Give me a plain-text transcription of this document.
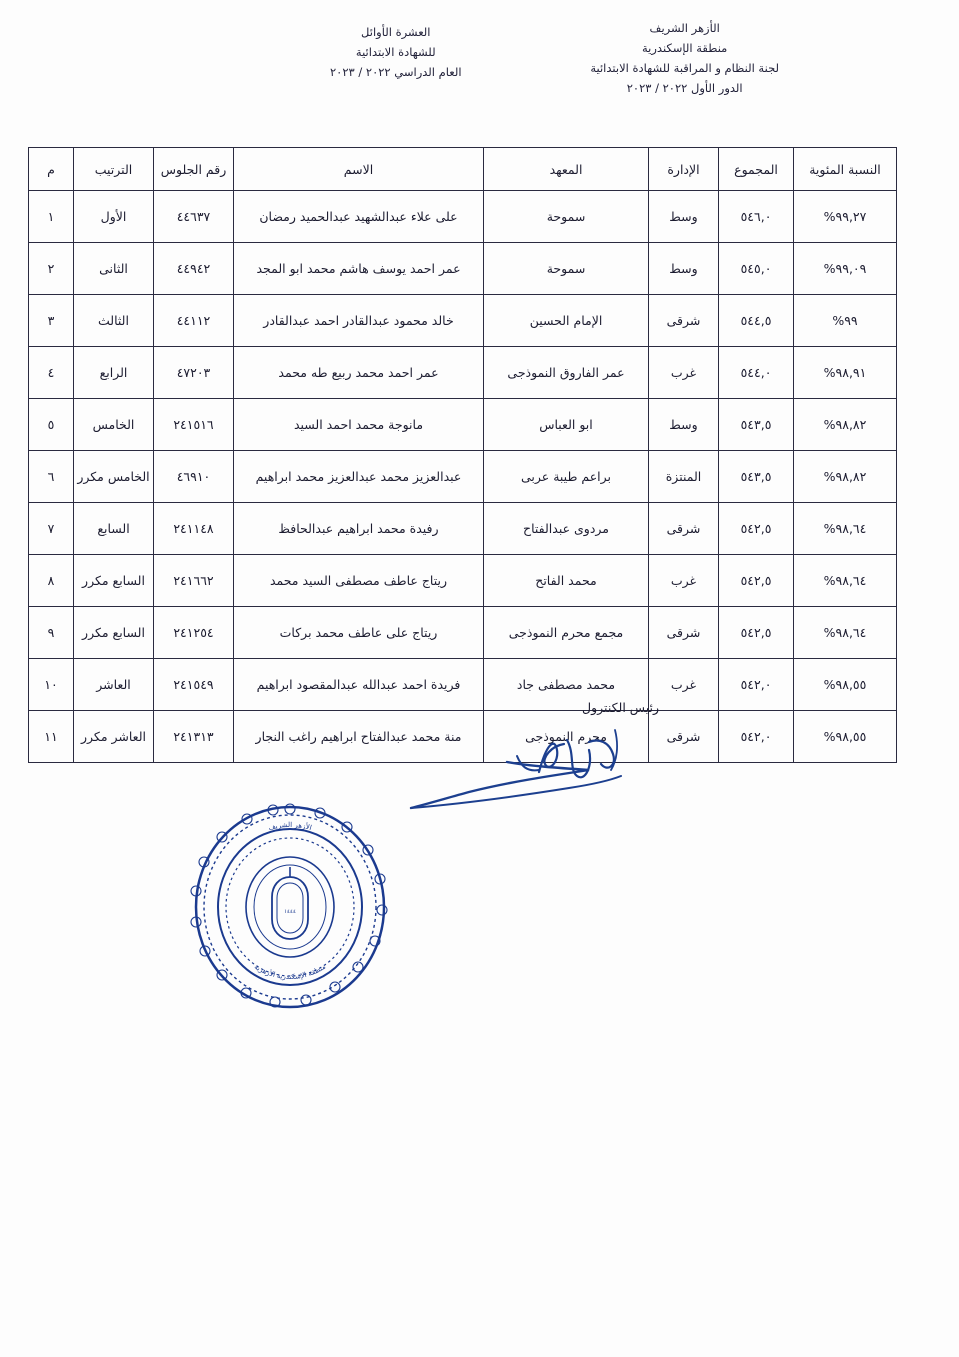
الأزهر الشريف
منطقة الإسكندرية
لجنة النظام و المراقبة للشهادة الابتدائية
الدور الأول ٢٠٢٢ / ٢٠٢٣
العشرة الأوائل
للشهادة الابتدائية
العام الدراسي ٢٠٢٢ / ٢٠٢٣
النسبة المئوية	المجموع	الإدارة	المعهد	الاسم	رقم الجلوس	الترتيب	م
٩٩,٢٧%	٥٤٦,٠	وسط	سموحة	على علاء عبدالشهيد عبدالحميد رمضان	٤٤٦٣٧	الأول	١
٩٩,٠٩%	٥٤٥,٠	وسط	سموحة	عمر احمد يوسف هاشم محمد ابو المجد	٤٤٩٤٢	الثانى	٢
٩٩%	٥٤٤,٥	شرقى	الإمام الحسين	خالد محمود عبدالقادر احمد عبدالقادر	٤٤١١٢	الثالث	٣
٩٨,٩١%	٥٤٤,٠	غرب	عمر الفاروق النموذجى	عمر احمد محمد ربيع طه محمد	٤٧٢٠٣	الرابع	٤
٩٨,٨٢%	٥٤٣,٥	وسط	ابو العباس	مانوجة محمد احمد السيد	٢٤١٥١٦	الخامس	٥
٩٨,٨٢%	٥٤٣,٥	المنتزة	براعم طيبة عربى	عبدالعزيز محمد عبدالعزيز محمد ابراهيم	٤٦٩١٠	الخامس مكرر	٦
٩٨,٦٤%	٥٤٢,٥	شرقى	مردوى عبدالفتاح	رفيدة محمد ابراهيم عبدالحافظ	٢٤١١٤٨	السابع	٧
٩٨,٦٤%	٥٤٢,٥	غرب	محمد الفاتح	ريتاج عاطف مصطفى السيد محمد	٢٤١٦٦٢	السابع مكرر	٨
٩٨,٦٤%	٥٤٢,٥	شرقى	مجمع محرم النموذجى	ريتاج على عاطف محمد بركات	٢٤١٢٥٤	السابع مكرر	٩
٩٨,٥٥%	٥٤٢,٠	غرب	محمد مصطفى جاد	فريدة احمد عبدالله عبدالمقصود ابراهيم	٢٤١٥٤٩	العاشر	١٠
٩٨,٥٥%	٥٤٢,٠	شرقى	محرم النموذجى	منة محمد عبدالفتاح ابراهيم راغب النجار	٢٤١٣١٣	العاشر مكرر	١١
رئيس الكنترول
الأزهر الشريف
منطقة الإسكندرية الأزهرية
١٤٤٤
